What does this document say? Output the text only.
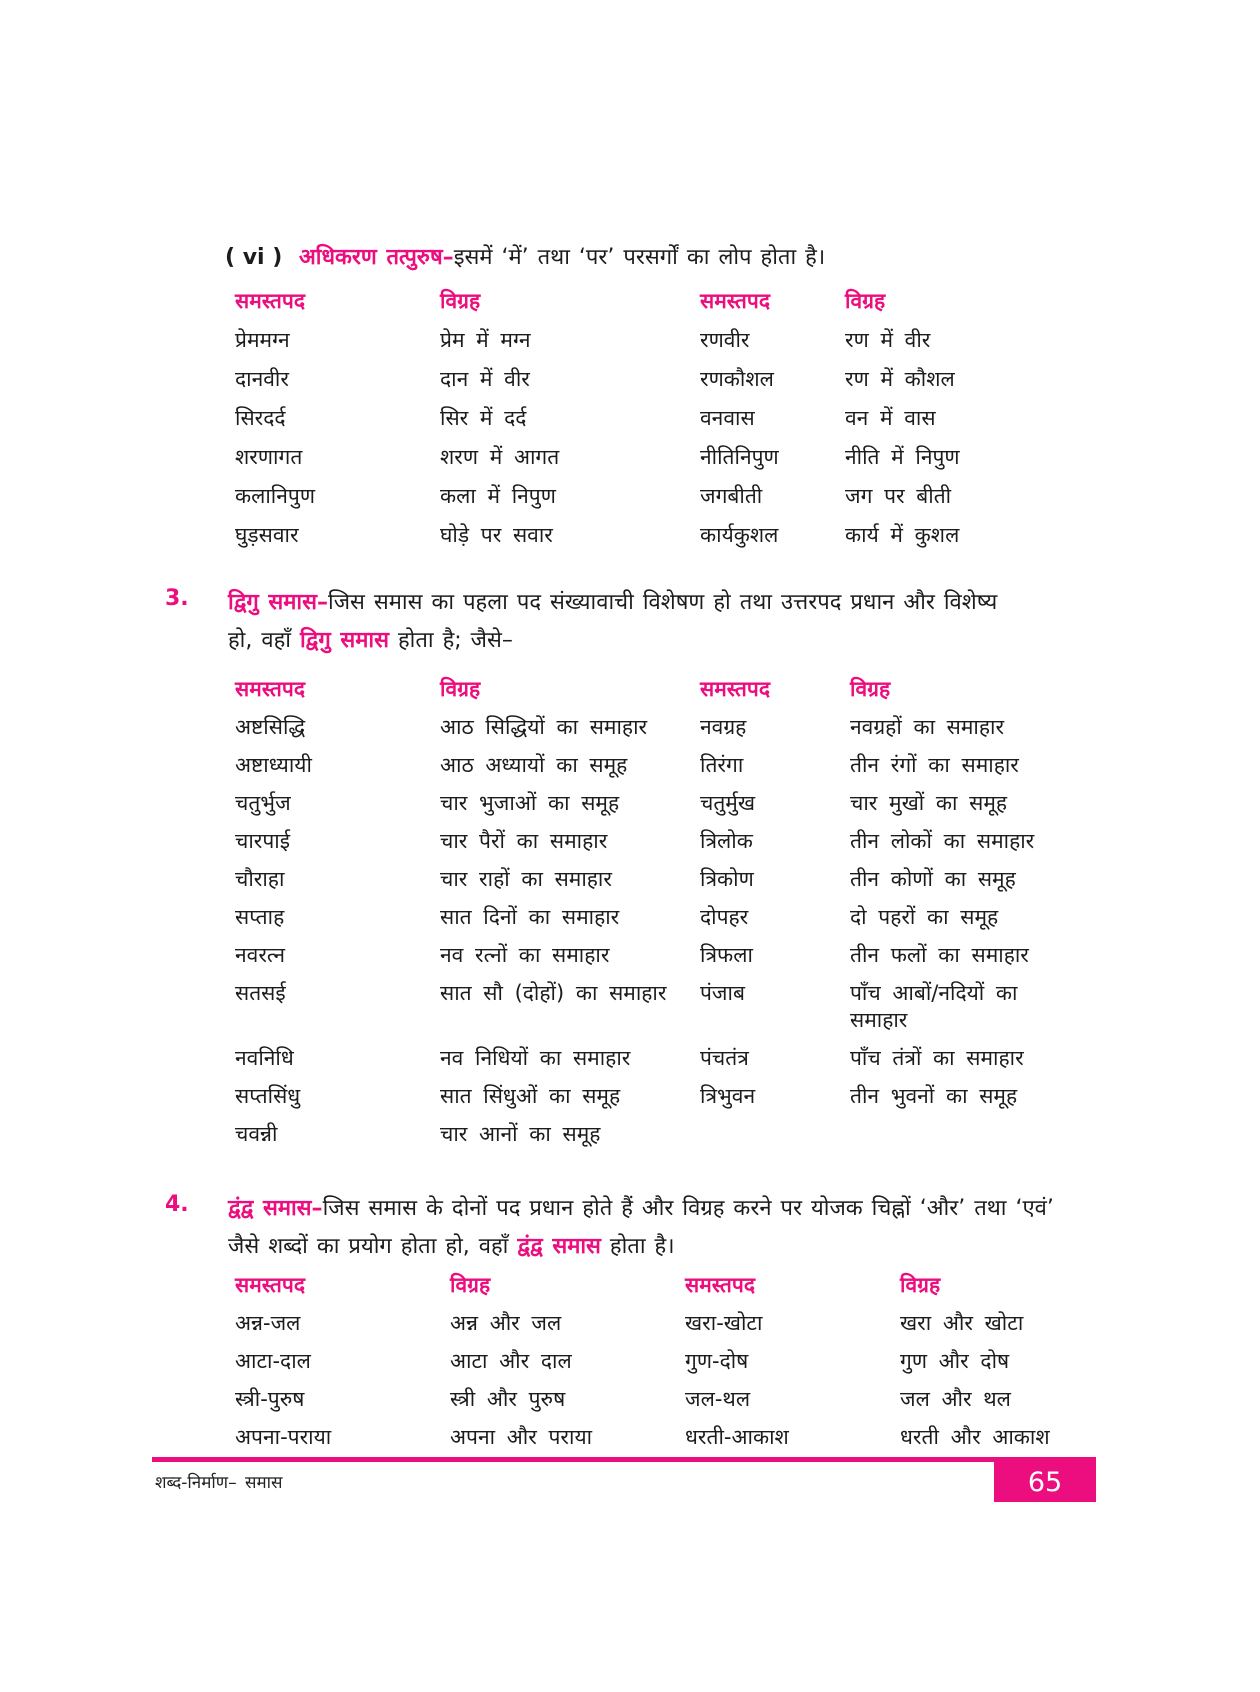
( vi ) अधिकरण तत्पुरुष–इसमें ‘में’ तथा ‘पर’ परसर्गों का लोप होता है।
समस्तपद	विग्रह	समस्तपद	विग्रह
प्रेममग्न	प्रेम में मग्न	रणवीर	रण में वीर
दानवीर	दान में वीर	रणकौशल	रण में कौशल
सिरदर्द	सिर में दर्द	वनवास	वन में वास
शरणागत	शरण में आगत	नीतिनिपुण	नीति में निपुण
कलानिपुण	कला में निपुण	जगबीती	जग पर बीती
घुड़सवार	घोड़े पर सवार	कार्यकुशल	कार्य में कुशल
3.	द्विगु समास–जिस समास का पहला पद संख्यावाची विशेषण हो तथा उत्तरपद प्रधान और विशेष्य
हो, वहाँ द्विगु समास होता है; जैसे–
समस्तपद	विग्रह	समस्तपद	विग्रह
अष्टसिद्धि	आठ सिद्धियों का समाहार	नवग्रह	नवग्रहों का समाहार
अष्टाध्यायी	आठ अध्यायों का समूह	तिरंगा	तीन रंगों का समाहार
चतुर्भुज	चार भुजाओं का समूह	चतुर्मुख	चार मुखों का समूह
चारपाई	चार पैरों का समाहार	त्रिलोक	तीन लोकों का समाहार
चौराहा	चार राहों का समाहार	त्रिकोण	तीन कोणों का समूह
सप्ताह	सात दिनों का समाहार	दोपहर	दो पहरों का समूह
नवरत्न	नव रत्नों का समाहार	त्रिफला	तीन फलों का समाहार
सतसई	सात सौ (दोहों) का समाहार	पंजाब	पाँच आबों/नदियों का समाहार
नवनिधि	नव निधियों का समाहार	पंचतंत्र	पाँच तंत्रों का समाहार
सप्तसिंधु	सात सिंधुओं का समूह	त्रिभुवन	तीन भुवनों का समूह
चवन्नी	चार आनों का समूह
4.	द्वंद्व समास–जिस समास के दोनों पद प्रधान होते हैं और विग्रह करने पर योजक चिह्नों ‘और’ तथा ‘एवं’
जैसे शब्दों का प्रयोग होता हो, वहाँ द्वंद्व समास होता है।
समस्तपद	विग्रह	समस्तपद	विग्रह
अन्न-जल	अन्न और जल	खरा-खोटा	खरा और खोटा
आटा-दाल	आटा और दाल	गुण-दोष	गुण और दोष
स्त्री-पुरुष	स्त्री और पुरुष	जल-थल	जल और थल
अपना-पराया	अपना और पराया	धरती-आकाश	धरती और आकाश
शब्द-निर्माण– समास	65
